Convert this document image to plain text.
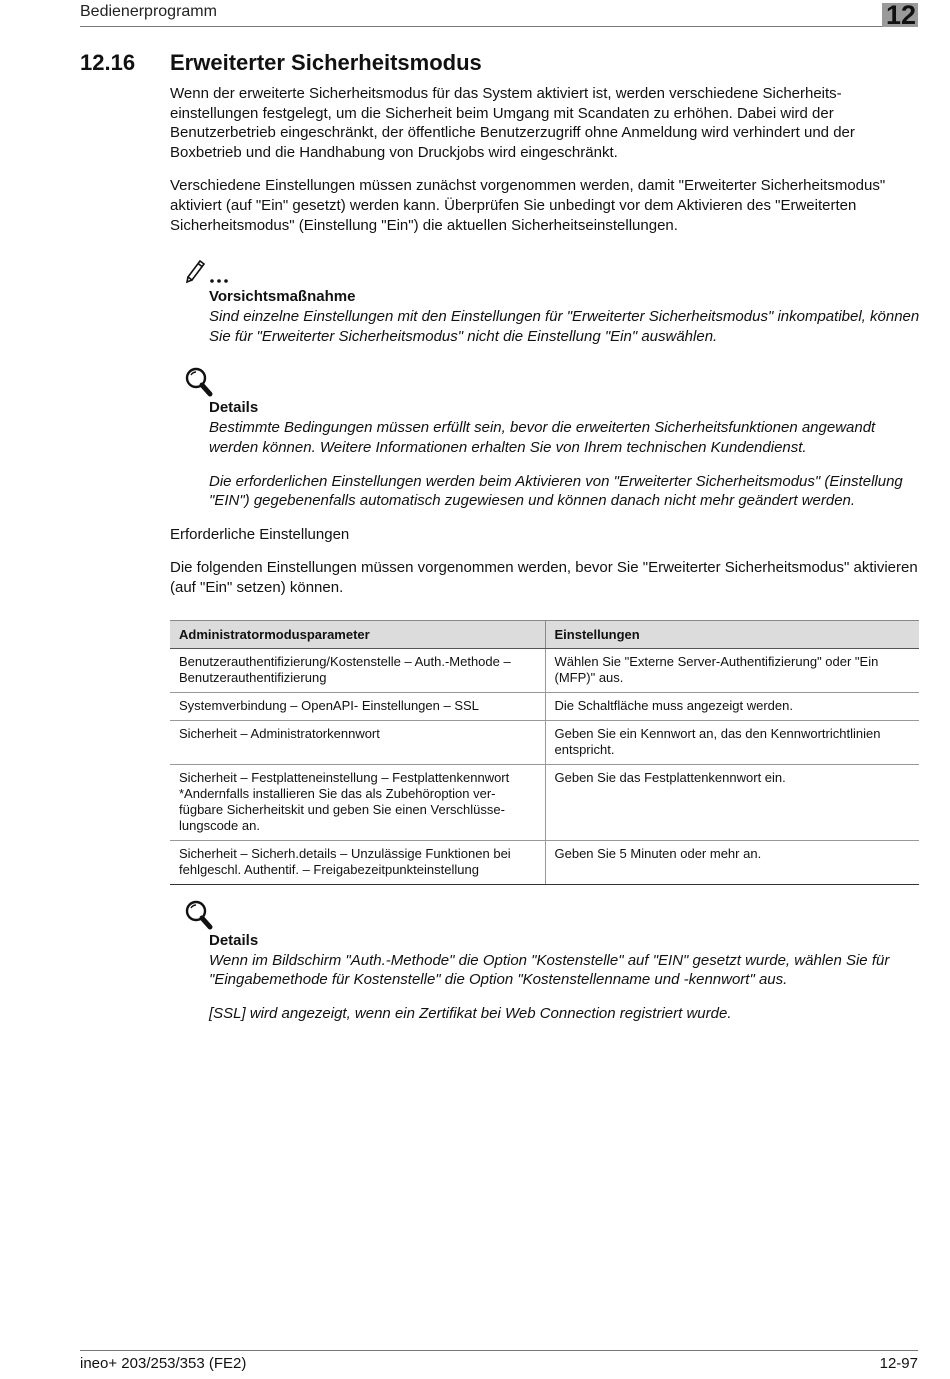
Bedienerprogramm	12
12.16 Erweiterter Sicherheitsmodus

Wenn der erweiterte Sicherheitsmodus für das System aktiviert ist, werden verschiedene Sicherheits-einstellungen festgelegt, um die Sicherheit beim Umgang mit Scandaten zu erhöhen. Dabei wird der Benutzerbetrieb eingeschränkt, der öffentliche Benutzerzugriff ohne Anmeldung wird verhindert und der Boxbetrieb und die Handhabung von Druckjobs wird eingeschränkt.

Verschiedene Einstellungen müssen zunächst vorgenommen werden, damit "Erweiterter Sicherheitsmodus" aktiviert (auf "Ein" gesetzt) werden kann. Überprüfen Sie unbedingt vor dem Aktivieren des "Erweiterten Sicherheitsmodus" (Einstellung "Ein") die aktuellen Sicherheitseinstellungen.

Vorsichtsmaßnahme

Sind einzelne Einstellungen mit den Einstellungen für "Erweiterter Sicherheitsmodus" inkompatibel, können Sie für "Erweiterter Sicherheitsmodus" nicht die Einstellung "Ein" auswählen.

Details

Bestimmte Bedingungen müssen erfüllt sein, bevor die erweiterten Sicherheitsfunktionen angewandt werden können. Weitere Informationen erhalten Sie von Ihrem technischen Kundendienst.

Die erforderlichen Einstellungen werden beim Aktivieren von "Erweiterter Sicherheitsmodus" (Einstellung "EIN") gegebenenfalls automatisch zugewiesen und können danach nicht mehr geändert werden.

Erforderliche Einstellungen

Die folgenden Einstellungen müssen vorgenommen werden, bevor Sie "Erweiterter Sicherheitsmodus" aktivieren (auf "Ein" setzen) können.

Administratormodusparameter	Einstellungen
Benutzerauthentifizierung/Kostenstelle – Auth.-Methode – Benutzerauthentifizierung	Wählen Sie "Externe Server-Authentifizierung" oder "Ein (MFP)" aus.
Systemverbindung – OpenAPI- Einstellungen – SSL	Die Schaltfläche muss angezeigt werden.
Sicherheit – Administratorkennwort	Geben Sie ein Kennwort an, das den Kennwortrichtlinien entspricht.
Sicherheit – Festplatteneinstellung – Festplattenkennwort *Andernfalls installieren Sie das als Zubehöroption ver-fügbare Sicherheitskit und geben Sie einen Verschlüsse-lungscode an.	Geben Sie das Festplattenkennwort ein.
Sicherheit – Sicherh.details – Unzulässige Funktionen bei fehlgeschl. Authentif. – Freigabezeitpunkteinstellung	Geben Sie 5 Minuten oder mehr an.
Details

Wenn im Bildschirm "Auth.-Methode" die Option "Kostenstelle" auf "EIN" gesetzt wurde, wählen Sie für "Eingabemethode für Kostenstelle" die Option "Kostenstellenname und -kennwort" aus.

[SSL] wird angezeigt, wenn ein Zertifikat bei Web Connection registriert wurde.

ineo+ 203/253/353 (FE2)	12-97
